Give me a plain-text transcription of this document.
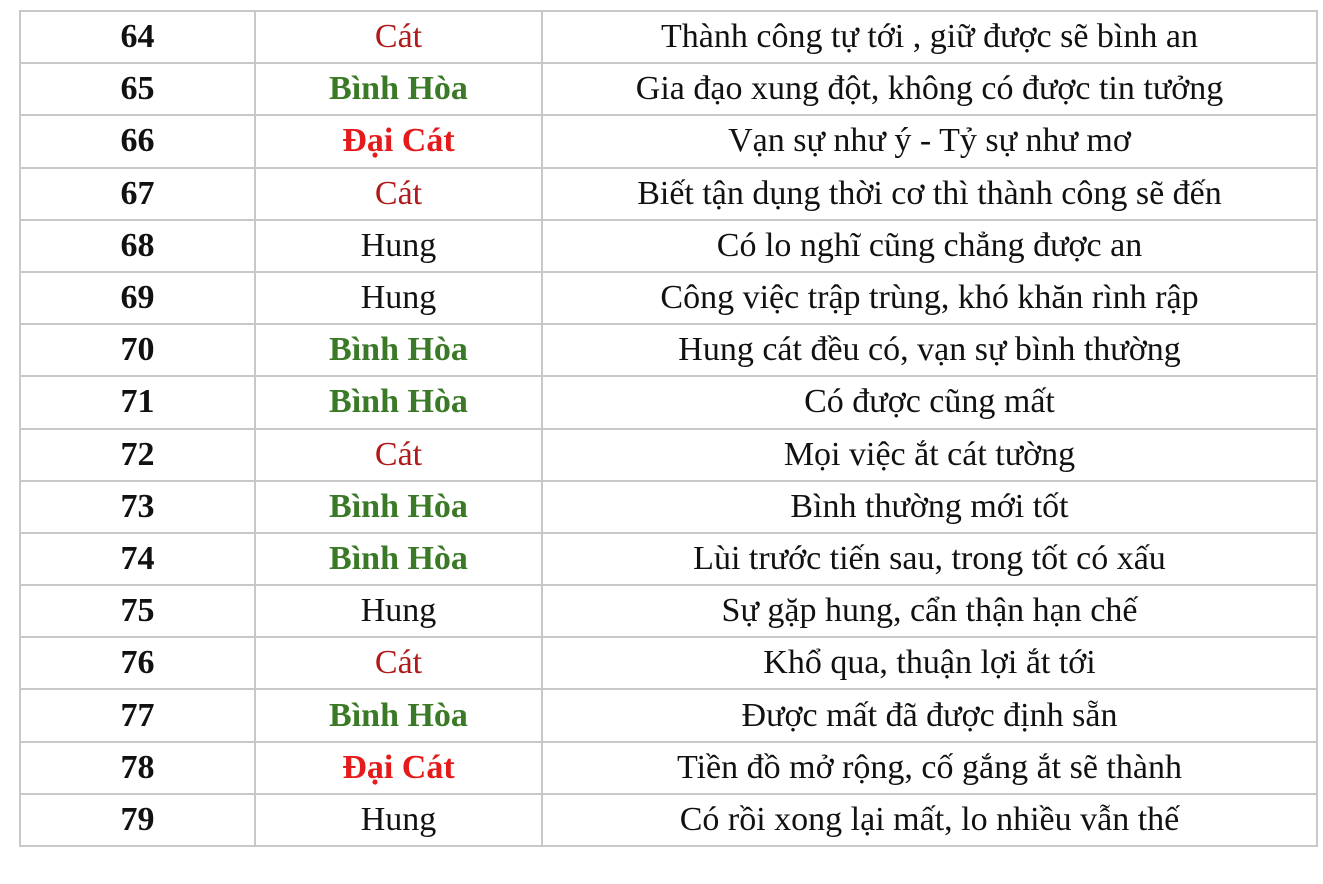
64	Cát	Thành công tự tới , giữ được sẽ bình an
65	Bình Hòa	Gia đạo xung đột, không có được tin tưởng
66	Đại Cát	Vạn sự như ý - Tỷ sự như mơ
67	Cát	Biết tận dụng thời cơ thì thành công sẽ đến
68	Hung	Có lo nghĩ cũng chẳng được an
69	Hung	Công việc trập trùng, khó khăn rình rập
70	Bình Hòa	Hung cát đều có, vạn sự bình thường
71	Bình Hòa	Có được cũng mất
72	Cát	Mọi việc ắt cát tường
73	Bình Hòa	Bình thường mới tốt
74	Bình Hòa	Lùi trước tiến sau, trong tốt có xấu
75	Hung	Sự gặp hung, cẩn thận hạn chế
76	Cát	Khổ qua, thuận lợi ắt tới
77	Bình Hòa	Được mất đã được định sẵn
78	Đại Cát	Tiền đồ mở rộng, cố gắng ắt sẽ thành
79	Hung	Có rồi xong lại mất, lo nhiều vẫn thế
